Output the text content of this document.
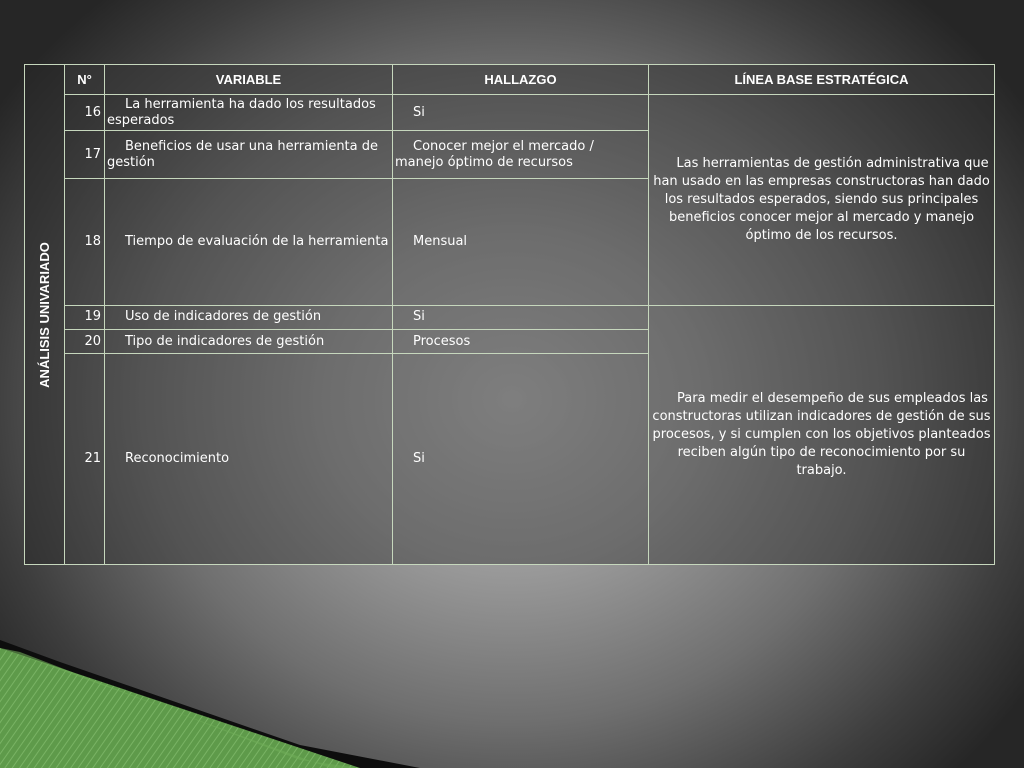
ANÁLISIS UNIVARIADO	N°	VARIABLE	HALLAZGO	LÍNEA BASE ESTRATÉGICA
	16	La herramienta ha dado los resultados esperados	Si	Las herramientas de gestión administrativa que han usado en las empresas constructoras han dado los resultados esperados, siendo sus principales beneficios conocer mejor al mercado y manejo óptimo de los recursos.
	17	Beneficios de usar una herramienta de gestión	Conocer mejor el mercado / manejo óptimo de recursos	
	18	Tiempo de evaluación de la herramienta	Mensual	
	19	Uso de indicadores de gestión	Si	Para medir el desempeño de sus empleados las constructoras utilizan indicadores de gestión de sus procesos, y si cumplen con los objetivos planteados reciben algún tipo de reconocimiento por su trabajo.
	20	Tipo de indicadores de gestión	Procesos	
	21	Reconocimiento	Si	
